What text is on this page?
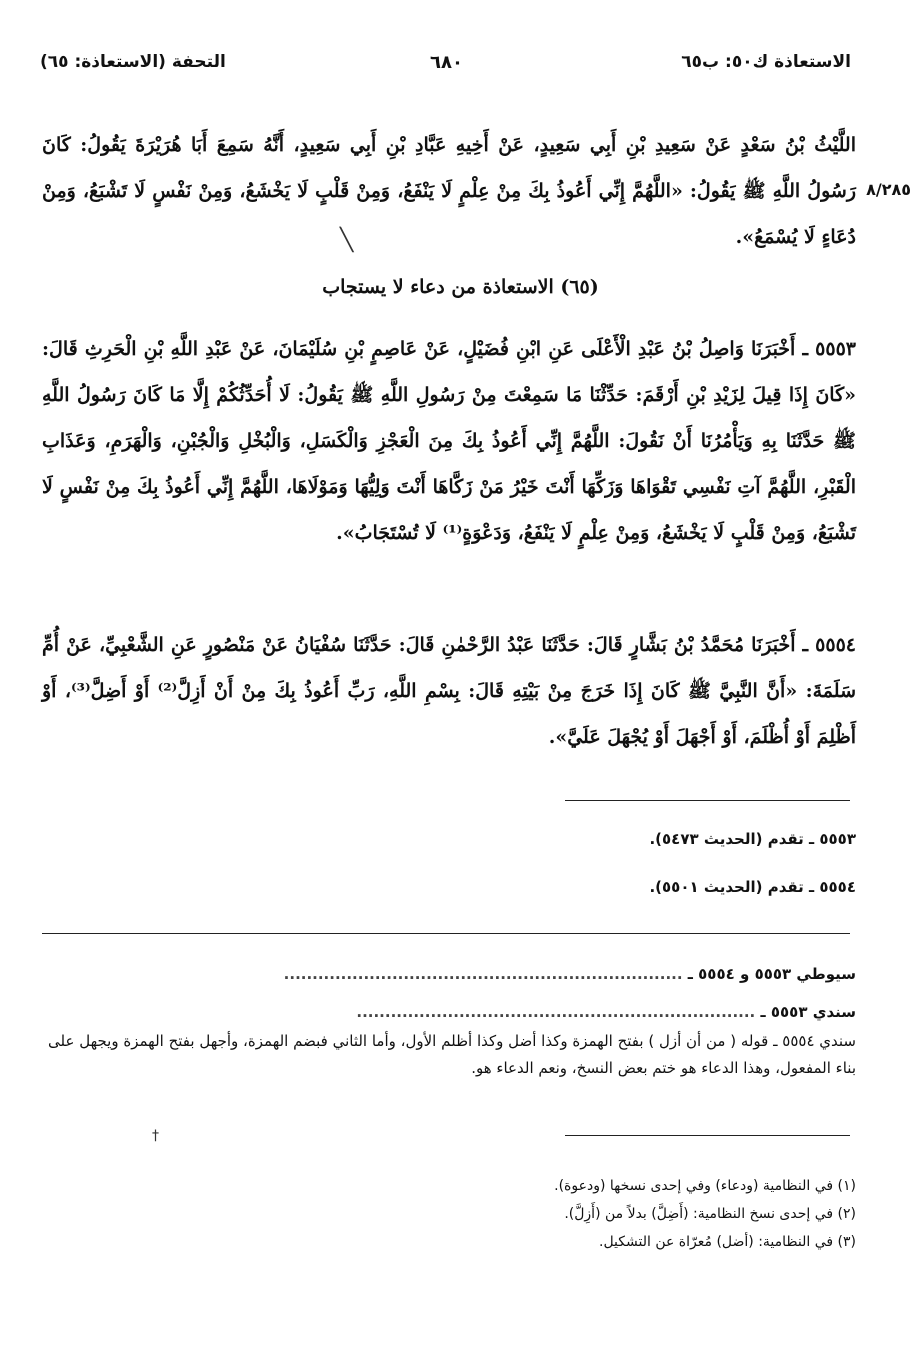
الاستعاذة ك٥٠: ب٦٥
٦٨٠
التحفة (الاستعاذة: ٦٥)
٨/٢٨٥
اللَّيْثُ بْنُ سَعْدٍ عَنْ سَعِيدِ بْنِ أَبِي سَعِيدٍ، عَنْ أَخِيهِ عَبَّادِ بْنِ أَبِي سَعِيدٍ، أَنَّهُ سَمِعَ أَبَا هُرَيْرَةَ يَقُولُ: كَانَ رَسُولُ اللَّهِ ﷺ يَقُولُ: «اللَّهُمَّ إِنِّي أَعُوذُ بِكَ مِنْ عِلْمٍ لَا يَنْفَعُ، وَمِنْ قَلْبٍ لَا يَخْشَعُ، وَمِنْ نَفْسٍ لَا تَشْبَعُ، وَمِنْ دُعَاءٍ لَا يُسْمَعُ».
(٦٥) الاستعاذة من دعاء لا يستجاب
٥٥٥٣ ـ أَخْبَرَنَا وَاصِلُ بْنُ عَبْدِ الْأَعْلَى عَنِ ابْنِ فُضَيْلٍ، عَنْ عَاصِمٍ بْنِ سُلَيْمَانَ، عَنْ عَبْدِ اللَّهِ بْنِ الْحَرِثِ قَالَ: «كَانَ إِذَا قِيلَ لِزَيْدِ بْنِ أَرْقَمَ: حَدِّثْنَا مَا سَمِعْتَ مِنْ رَسُولِ اللَّهِ ﷺ يَقُولُ: لَا أُحَدِّثُكُمْ إِلَّا مَا كَانَ رَسُولُ اللَّهِ ﷺ حَدَّثَنَا بِهِ وَيَأْمُرُنَا أَنْ نَقُولَ: اللَّهُمَّ إِنِّي أَعُوذُ بِكَ مِنَ الْعَجْزِ وَالْكَسَلِ، وَالْبُخْلِ وَالْجُبْنِ، وَالْهَرَمِ، وَعَذَابِ الْقَبْرِ، اللَّهُمَّ آتِ نَفْسِي تَقْوَاهَا وَزَكِّهَا أَنْتَ خَيْرُ مَنْ زَكَّاهَا أَنْتَ وَلِيُّهَا وَمَوْلَاهَا، اللَّهُمَّ إِنِّي أَعُوذُ بِكَ مِنْ نَفْسٍ لَا تَشْبَعُ، وَمِنْ قَلْبٍ لَا يَخْشَعُ، وَمِنْ عِلْمٍ لَا يَنْفَعُ، وَدَعْوَةٍ⁽¹⁾ لَا تُسْتَجَابُ».
٥٥٥٤ ـ أَخْبَرَنَا مُحَمَّدُ بْنُ بَشَّارٍ قَالَ: حَدَّثَنَا عَبْدُ الرَّحْمٰنِ قَالَ: حَدَّثَنَا سُفْيَانُ عَنْ مَنْصُورٍ عَنِ الشَّعْبِيِّ، عَنْ أُمِّ سَلَمَةَ: «أَنَّ النَّبِيَّ ﷺ كَانَ إِذَا خَرَجَ مِنْ بَيْتِهِ قَالَ: بِسْمِ اللَّهِ، رَبِّ أَعُوذُ بِكَ مِنْ أَنْ أَزِلَّ⁽²⁾ أَوْ أَضِلَّ⁽³⁾، أَوْ أَظْلِمَ أَوْ أُظْلَمَ، أَوْ أَجْهَلَ أَوْ يُجْهَلَ عَلَيَّ».
٥٥٥٣ ـ تقدم (الحديث ٥٤٧٣).
٥٥٥٤ ـ تقدم (الحديث ٥٥٠١).
سيوطي ٥٥٥٣ و ٥٥٥٤ ـ ......................................................................
سندي ٥٥٥٣ ـ ......................................................................
سندي ٥٥٥٤ ـ قوله ( من أن أزل ) بفتح الهمزة وكذا أضل وكذا أظلم الأول، وأما الثاني فبضم الهمزة، وأجهل بفتح الهمزة ويجهل على بناء المفعول، وهذا الدعاء هو ختم بعض النسخ، ونعم الدعاء هو.
(١) في النظامية (ودعاء) وفي إحدى نسخها (ودعوة).
(٢) في إحدى نسخ النظامية: (أَضِلَّ) بدلاً من (أَزِلَّ).
(٣) في النظامية: (أضل) مُعرّاة عن التشكيل.
╲
†
